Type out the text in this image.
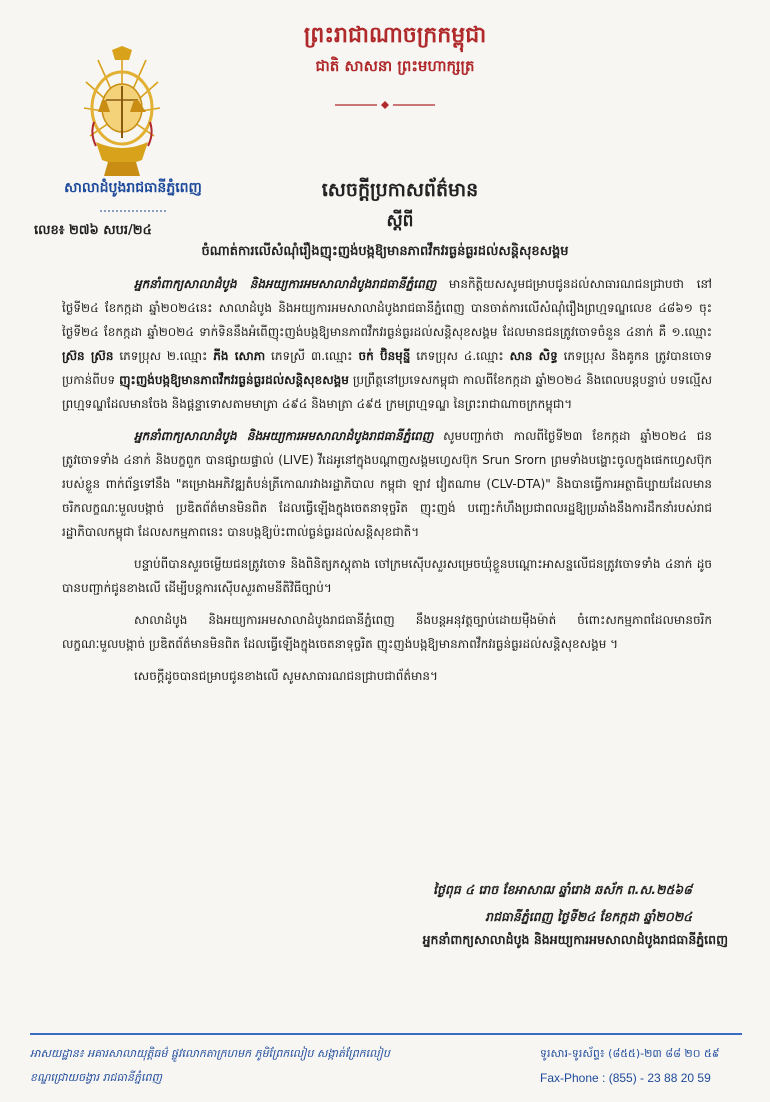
ព្រះរាជាណាចក្រកម្ពុជា
ជាតិ សាសនា ព្រះមហាក្សត្រ
សាលាដំបូងរាជធានីភ្នំពេញ
លេខ៖ ២៧៦ សបរ/២៤
សេចក្តីប្រកាសព័ត៌មាន
ស្តីពី
ចំណាត់ការលើសំណុំរឿងញុះញង់បង្កឱ្យមានភាពវឹកវរធ្ងន់ធ្ងរដល់សន្តិសុខសង្គម

អ្នកនាំពាក្យសាលាដំបូង និងអយ្យការអមសាលាដំបូងរាជធានីភ្នំពេញ មានកិត្តិយសសូមជម្រាបជូនដល់សាធារណជនជ្រាបថា នៅថ្ងៃទី២៤ ខែកក្កដា ឆ្នាំ២០២៤នេះ សាលាដំបូង និងអយ្យការអមសាលាដំបូងរាជធានីភ្នំពេញ បានចាត់ការលើសំណុំរឿងព្រហ្មទណ្ឌលេខ ៤៨៦១ ចុះថ្ងៃទី២៤ ខែកក្កដា ឆ្នាំ២០២៤ ទាក់ទិននឹងអំពើញុះញង់បង្កឱ្យមានភាពវឹកវរធ្ងន់ធ្ងរដល់សន្តិសុខសង្គម ដែលមានជនត្រូវចោទចំនួន ៤នាក់ គឺ ១.ឈ្មោះ ស្រ៊ន ស្រ៊ន ភេទប្រុស ២.ឈ្មោះ ភីង សោភា ភេទស្រី ៣.ឈ្មោះ ចក់ ប៊ិនមុន្នី ភេទប្រុស ៤.ឈ្មោះ សាន សិទ្ធ ភេទប្រុស និងគូកន ត្រូវបានចោទប្រកាន់ពីបទ ញុះញង់បង្កឱ្យមានភាពវឹកវរធ្ងន់ធ្ងរដល់សន្តិសុខសង្គម ប្រព្រឹត្តនៅប្រទេសកម្ពុជា កាលពីខែកក្កដា ឆ្នាំ២០២៤ និងពេលបន្តបន្ទាប់ បទល្មើសព្រហ្មទណ្ឌដែលមានចែង និងផ្តន្ទាទោសតាមមាត្រា ៤៩៤ និងមាត្រា ៤៩៥ ក្រមព្រហ្មទណ្ឌ នៃព្រះរាជាណាចក្រកម្ពុជា។

អ្នកនាំពាក្យសាលាដំបូង និងអយ្យការអមសាលាដំបូងរាជធានីភ្នំពេញ សូមបញ្ជាក់ថា កាលពីថ្ងៃទី២៣ ខែកក្កដា ឆ្នាំ២០២៤ ជនត្រូវចោទទាំង ៤នាក់ និងបក្ខពួក បានផ្សាយផ្ទាល់ (LIVE) វីដេអូនៅក្នុងបណ្តាញសង្គមហ្វេសប៊ុក Srun Srorn ព្រមទាំងបង្ហោះចូលក្នុងផេកហ្វេសប៊ុករបស់ខ្លួន ពាក់ព័ន្ធទៅនឹង "គម្រោងអភិវឌ្ឍតំបន់ត្រីកោណរវាងរដ្ឋាភិបាល កម្ពុជា ឡាវ វៀតណាម (CLV-DTA)" និងបានធ្វើការអត្ថាធិប្បាយដែលមានចរិកលក្ខណៈមួលបង្កាច់ ប្រឌិតព័ត៌មានមិនពិត ដែលធ្វើឡើងក្នុងចេតនាទុច្ចរិត ញុះញង់ បញ្ឆេះកំហឹងប្រជាពលរដ្ឋឱ្យប្រឆាំងនឹងការដឹកនាំរបស់រាជរដ្ឋាភិបាលកម្ពុជា ដែលសកម្មភាពនេះ បានបង្កឱ្យប៉ះពាល់ធ្ងន់ធ្ងរដល់សន្តិសុខជាតិ។

បន្ទាប់ពីបានសួរចម្លើយជនត្រូវចោទ និងពិនិត្យភស្តុតាង ចៅក្រមស៊ើបសួរសម្រេចឃុំខ្លួនបណ្តោះអាសន្នលើជនត្រូវចោទទាំង ៤នាក់ ដូចបានបញ្ជាក់ជូនខាងលើ ដើម្បីបន្តការស៊ើបសួរតាមនីតិវិធីច្បាប់។

សាលាដំបូង និងអយ្យការអមសាលាដំបូងរាជធានីភ្នំពេញ នឹងបន្តអនុវត្តច្បាប់ដោយម៉ឺងម៉ាត់ ចំពោះសកម្មភាពដែលមានចរិកលក្ខណៈមួលបង្កាច់ ប្រឌិតព័ត៌មានមិនពិត ដែលធ្វើឡើងក្នុងចេតនាទុច្ចរិត ញុះញង់បង្កឱ្យមានភាពវឹកវរធ្ងន់ធ្ងរដល់សន្តិសុខសង្គម ។

សេចក្តីដូចបានជម្រាបជូនខាងលើ សូមសាធារណជនជ្រាបជាព័ត៌មាន។

ថ្ងៃពុធ ៤ រោច ខែអាសាឍ ឆ្នាំរោង ឆស័ក ព.ស.២៥៦៨
រាជធានីភ្នំពេញ ថ្ងៃទី២៤ ខែកក្កដា ឆ្នាំ២០២៤
អ្នកនាំពាក្យសាលាដំបូង និងអយ្យការអមសាលាដំបូងរាជធានីភ្នំពេញ
អាសយដ្ឋាន៖ អគារសាលាយុត្តិធម៌ ផ្លូវលោកតាក្រហមក ភូមិព្រែកលៀប សង្កាត់ព្រែកលៀប
ខណ្ឌជ្រោយចង្វារ រាជធានីភ្នំពេញ
ទូរសារ-ទូរស័ព្ទ៖ (៨៥៥)-២៣ ៨៨ ២០ ៥៩
Fax-Phone : (855) - 23 88 20 59
